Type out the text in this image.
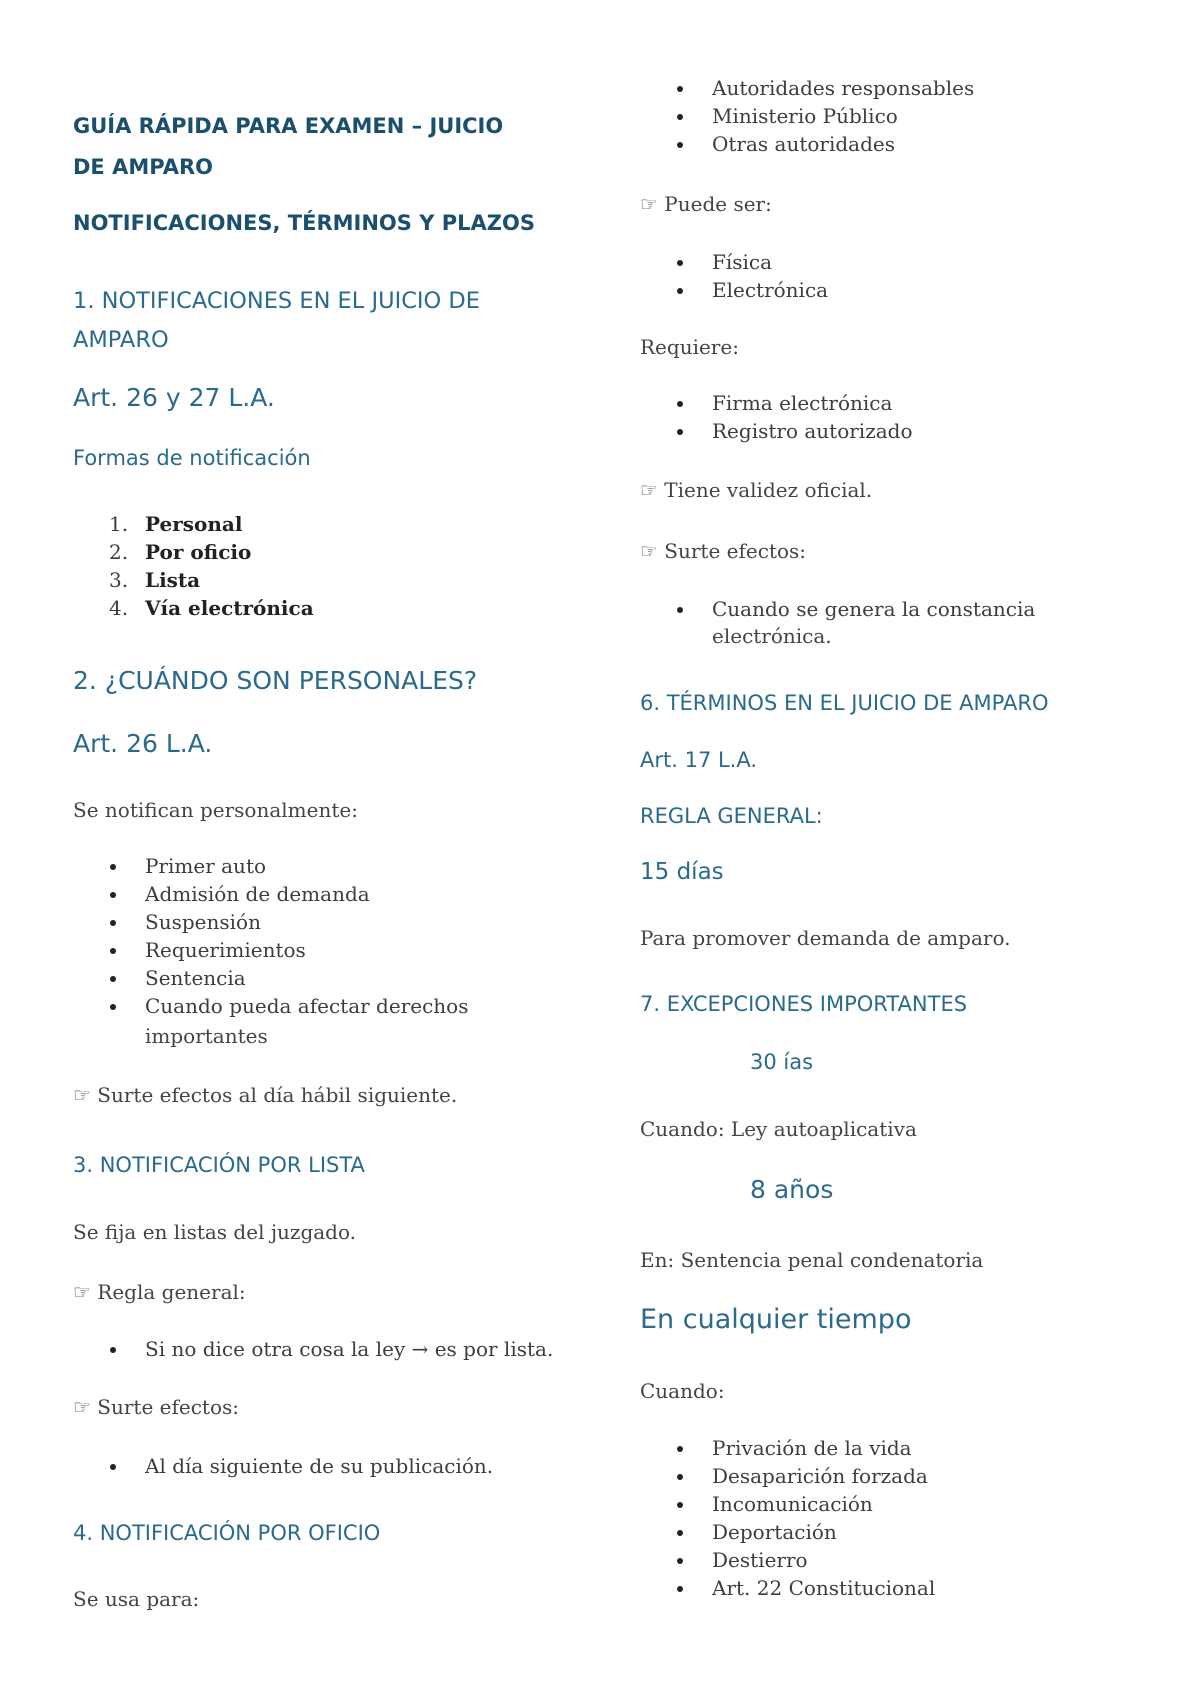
GUÍA RÁPIDA PARA EXAMEN – JUICIO
DE AMPARO
NOTIFICACIONES, TÉRMINOS Y PLAZOS
1. NOTIFICACIONES EN EL JUICIO DE
AMPARO
Art. 26 y 27 L.A.
Formas de notificación
1. Personal
2. Por oficio
3. Lista
4. Vía electrónica
2. ¿CUÁNDO SON PERSONALES?
Art. 26 L.A.
Se notifican personalmente:
Primer auto
Admisión de demanda
Suspensión
Requerimientos
Sentencia
Cuando pueda afectar derechos
importantes
☞ Surte efectos al día hábil siguiente.
3. NOTIFICACIÓN POR LISTA
Se fija en listas del juzgado.
☞ Regla general:
Si no dice otra cosa la ley → es por lista.
☞ Surte efectos:
Al día siguiente de su publicación.
4. NOTIFICACIÓN POR OFICIO
Se usa para:
Autoridades responsables
Ministerio Público
Otras autoridades
☞ Puede ser:
Física
Electrónica
Requiere:
Firma electrónica
Registro autorizado
☞ Tiene validez oficial.
☞ Surte efectos:
Cuando se genera la constancia
electrónica.
6. TÉRMINOS EN EL JUICIO DE AMPARO
Art. 17 L.A.
REGLA GENERAL:
15 días
Para promover demanda de amparo.
7. EXCEPCIONES IMPORTANTES
30 ías
Cuando: Ley autoaplicativa
8 años
En: Sentencia penal condenatoria
En cualquier tiempo
Cuando:
Privación de la vida
Desaparición forzada
Incomunicación
Deportación
Destierro
Art. 22 Constitucional
